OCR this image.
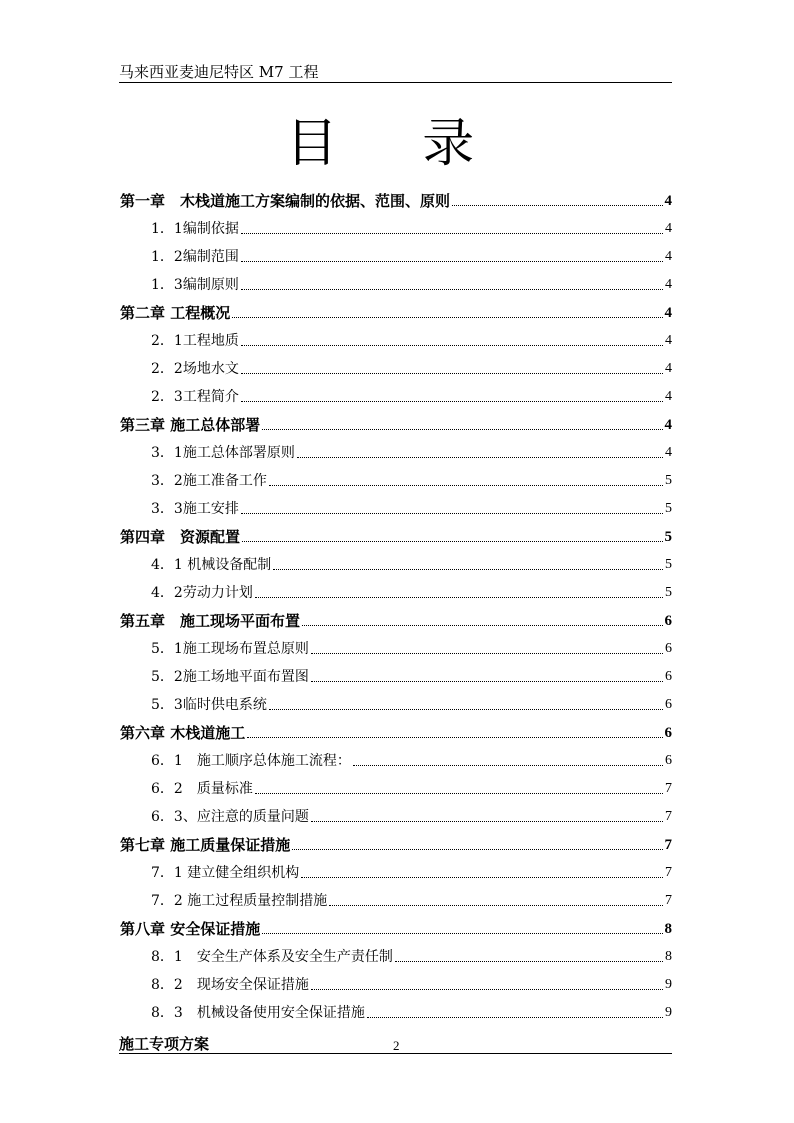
马来西亚麦迪尼特区 M7 工程
目 录
第一章　木栈道施工方案编制的依据、范围、原则	4
1．1编制依据	4
1．2编制范围	4
1．3编制原则	4
第二章 工程概况	4
2．1工程地质	4
2．2场地水文	4
2．3工程简介	4
第三章 施工总体部署	4
3．1施工总体部署原则	4
3．2施工准备工作	5
3．3施工安排	5
第四章　资源配置	5
4．1 机械设备配制	5
4．2劳动力计划	5
第五章　施工现场平面布置	6
5．1施工现场布置总原则	6
5．2施工场地平面布置图	6
5．3临时供电系统	6
第六章 木栈道施工	6
6．1　施工顺序总体施工流程：	6
6．2　质量标准	7
6．3、应注意的质量问题	7
第七章 施工质量保证措施	7
7．1 建立健全组织机构	7
7．2 施工过程质量控制措施	7
第八章 安全保证措施	8
8．1　安全生产体系及安全生产责任制	8
8．2　现场安全保证措施	9
8．3　机械设备使用安全保证措施	9
施工专项方案	2
